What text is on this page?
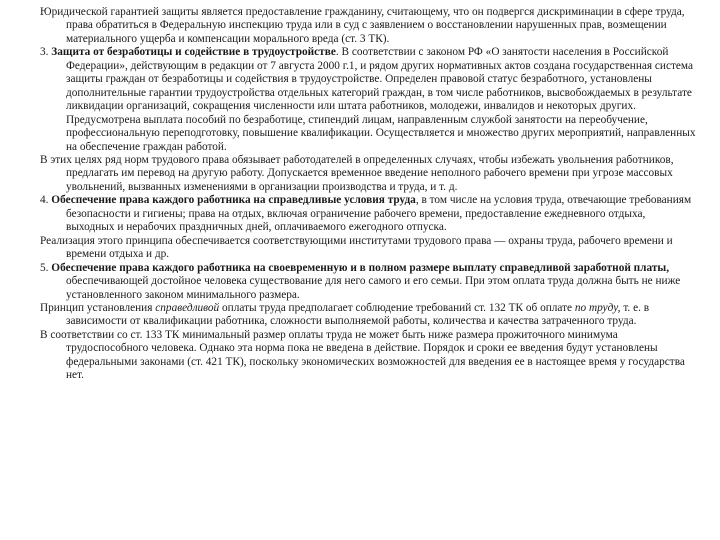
Юридической гарантией защиты является предоставление гражданину, считающему, что он подвергся дискриминации в сфере труда, права обратиться в Федеральную инспекцию труда или в суд с заявлением о восстановлении нарушенных прав, возмещении материального ущерба и компенсации морального вреда (ст. 3 ТК).

3. Защита от безработицы и содействие в трудоустройстве. В соответствии с законом РФ «О занятости населения в Российской Федерации», действующим в редакции от 7 августа 2000 г.1, и рядом других нормативных актов создана государственная система защиты граждан от безработицы и содействия в трудоустройстве. Определен правовой статус безработного, установлены дополнительные гарантии трудоустройства отдельных категорий граждан, в том числе работников, высвобождаемых в результате ликвидации организаций, сокращения численности или штата работников, молодежи, инвалидов и некоторых других. Предусмотрена выплата пособий по безработице, стипендий лицам, направленным службой занятости на переобучение, профессиональную переподготовку, повышение квалификации. Осуществляется и множество других мероприятий, направленных на обеспечение граждан работой.

В этих целях ряд норм трудового права обязывает работодателей в определенных случаях, чтобы избежать увольнения работников, предлагать им перевод на другую работу. Допускается временное введение неполного рабочего времени при угрозе массовых увольнений, вызванных изменениями в организации производства и труда, и т. д.

4. Обеспечение права каждого работника на справедливые условия труда, в том числе на условия труда, отвечающие требованиям безопасности и гигиены; права на отдых, включая ограничение рабочего времени, предоставление ежедневного отдыха, выходных и нерабочих праздничных дней, оплачиваемого ежегодного отпуска.

Реализация этого принципа обеспечивается соответствующими институтами трудового права — охраны труда, рабочего времени и времени отдыха и др.

5. Обеспечение права каждого работника на своевременную и в полном размере выплату справедливой заработной платы, обеспечивающей достойное человека существование для него самого и его семьи. При этом оплата труда должна быть не ниже установленного законом минимального размера.

Принцип установления справедливой оплаты труда предполагает соблюдение требований ст. 132 ТК об оплате по труду, т. е. в зависимости от квалификации работника, сложности выполняемой работы, количества и качества затраченного труда.

В соответствии со ст. 133 ТК минимальный размер оплаты труда не может быть ниже размера прожиточного минимума трудоспособного человека. Однако эта норма пока не введена в действие. Порядок и сроки ее введения будут установлены федеральными законами (ст. 421 ТК), поскольку экономических возможностей для введения ее в настоящее время у государства нет.
